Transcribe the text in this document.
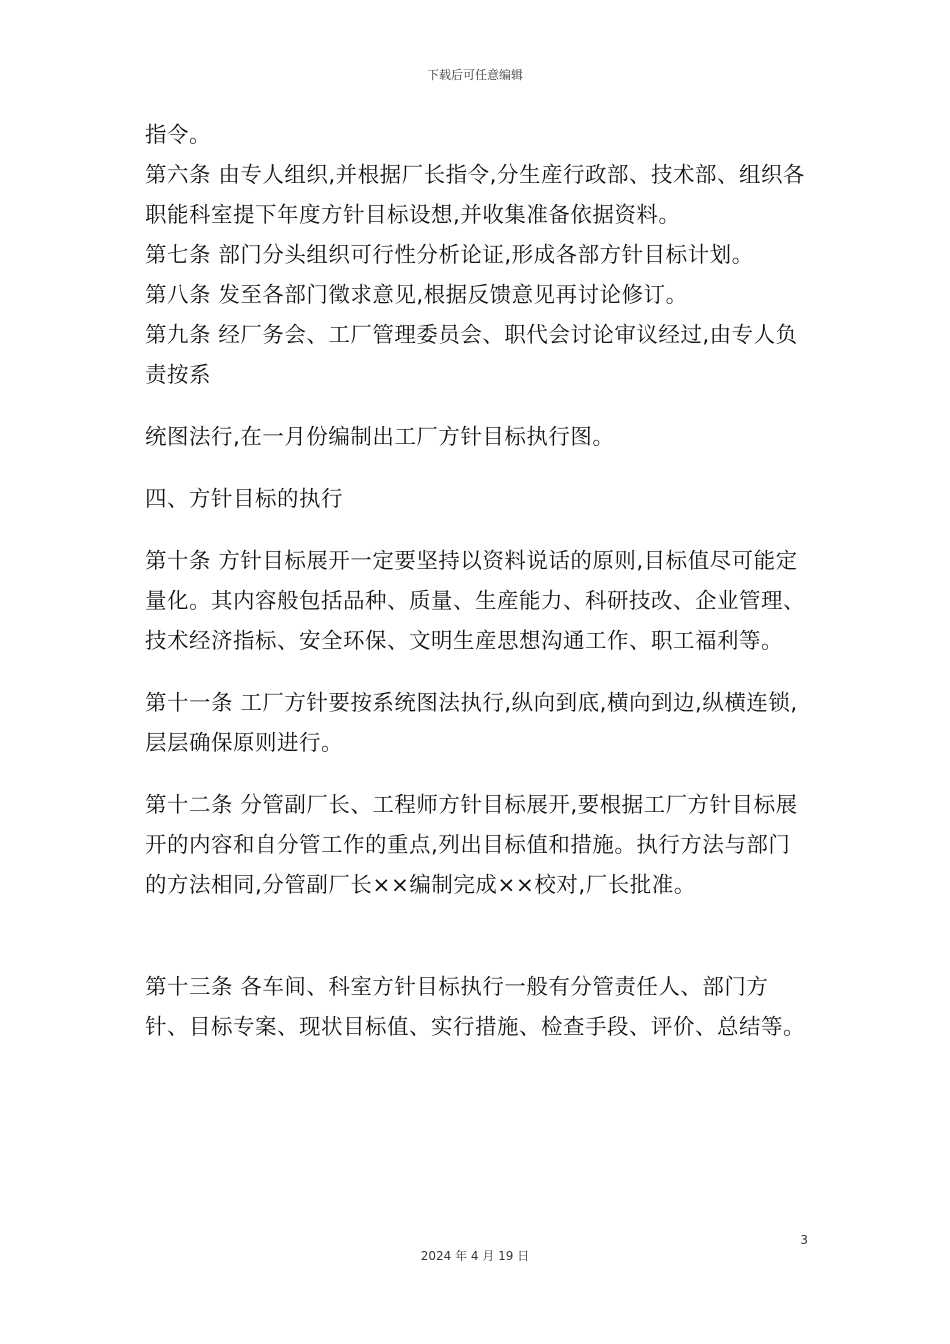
下载后可任意编辑

指令。

第六条 由专人组织,并根据厂长指令,分生産行政部、技术部、组织各职能科室提下年度方针目标设想,并收集准备依据资料。

第七条 部门分头组织可行性分析论证,形成各部方针目标计划。

第八条 发至各部门徵求意见,根据反馈意见再讨论修订。

第九条 经厂务会、工厂管理委员会、职代会讨论审议经过,由专人负责按系

统图法行,在一月份编制出工厂方针目标执行图。

四、方针目标的执行

第十条 方针目标展开一定要坚持以资料说话的原则,目标值尽可能定量化。其内容般包括品种、质量、生産能力、科研技改、企业管理、技术经济指标、安全环保、文明生産思想沟通工作、职工福利等。

第十一条 工厂方针要按系统图法执行,纵向到底,横向到边,纵横连锁,层层确保原则进行。

第十二条 分管副厂长、工程师方针目标展开,要根据工厂方针目标展开的内容和自分管工作的重点,列出目标值和措施。执行方法与部门的方法相同,分管副厂长××编制完成××校对,厂长批准。

第十三条 各车间、科室方针目标执行一般有分管责任人、部门方针、目标专案、现状目标值、实行措施、检查手段、评价、总结等。

3
2024 年 4 月 19 日
